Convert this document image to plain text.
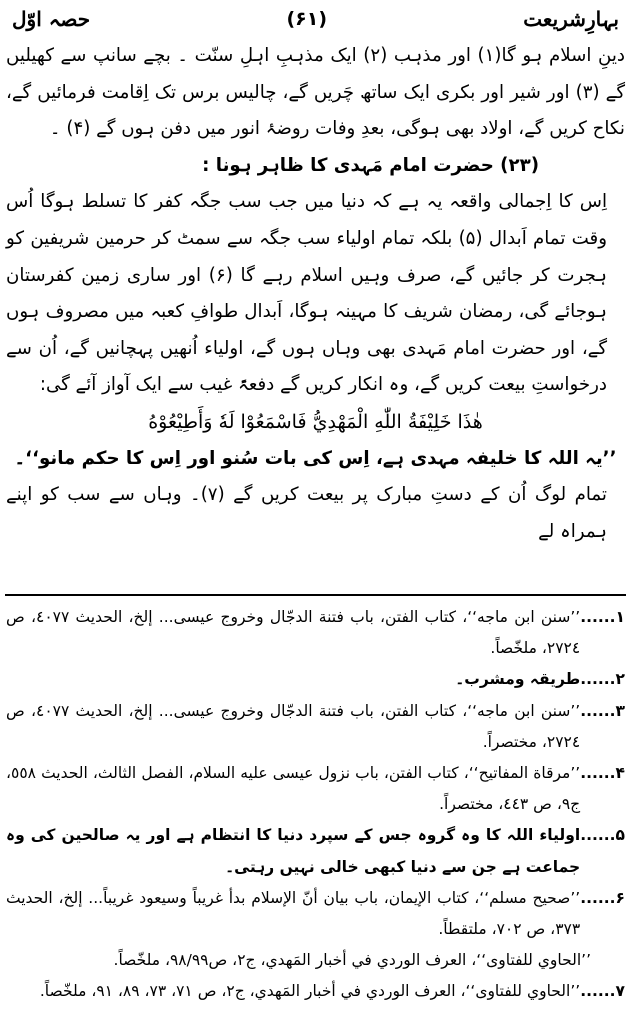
حصہ اوّل	(۶۱)	بہارِشریعت

دینِ اسلام ہو گا(۱) اور مذہب (۲) ایک مذہبِ اہلِ سنّت ۔ بچے سانپ سے کھیلیں گے (۳) اور شیر اور بکری ایک ساتھ چَریں گے، چالیس برس تک اِقامت فرمائیں گے، نکاح کریں گے، اولاد بھی ہوگی، بعدِ وفات روضۂ انور میں دفن ہوں گے (۴) ۔

(۲۳) حضرت امام مَہدی کا ظاہر ہونا :

اِس کا اِجمالی واقعہ یہ ہے کہ دنیا میں جب سب جگہ کفر کا تسلط ہوگا اُس وقت تمام اَبدال (۵) بلکہ تمام اولیاء سب جگہ سے سمٹ کر حرمین شریفین کو ہجرت کر جائیں گے، صرف وہیں اسلام رہے گا (۶) اور ساری زمین کفرستان ہوجائے گی، رمضان شریف کا مہینہ ہوگا، اَبدال طوافِ کعبہ میں مصروف ہوں گے، اور حضرت امام مَہدی بھی وہاں ہوں گے، اولیاء اُنھیں پہچانیں گے، اُن سے درخواستِ بیعت کریں گے، وہ انکار کریں گے دفعۃً غیب سے ایک آواز آئے گی:

هٰذَا خَلِيْفَةُ اللّٰهِ الْمَهْدِيُّ فَاسْمَعُوْا لَهٗ وَأَطِيْعُوْهُ

’’یہ اللہ کا خلیفہ مہدی ہے، اِس کی بات سُنو اور اِس کا حکم مانو‘‘۔

تمام لوگ اُن کے دستِ مبارک پر بیعت کریں گے (۷)۔ وہاں سے سب کو اپنے ہمراہ لے

۱......
’’سنن ابن ماجه‘‘، كتاب الفتن، باب فتنة الدجّال وخروج عيسى... إلخ، الحديث ٤٠٧٧، ص ٢٧٢٤، ملخّصاً.
۲......
طریقہ ومشرب۔
۳......
’’سنن ابن ماجه‘‘، كتاب الفتن، باب فتنة الدجّال وخروج عيسى... إلخ، الحديث ٤٠٧٧، ص ٢٧٢٤، مختصراً.
۴......
’’مرقاة المفاتيح‘‘، كتاب الفتن، باب نزول عيسى عليه السلام، الفصل الثالث، الحديث ٥٥٨، ج٩، ص ٤٤٣، مختصراً.
۵......
اولیاء اللہ کا وہ گروہ جس کے سپرد دنیا کا انتظام ہے اور یہ صالحین کی وہ جماعت ہے جن سے دنیا کبھی خالی نہیں رہتی۔
۶......
’’صحيح مسلم‘‘، كتاب الإيمان، باب بيان أنّ الإسلام بدأ غريباً وسيعود غريباً... إلخ، الحديث ٣٧٣، ص ٧٠٢، ملتقطاً.
’’الحاوي للفتاوى‘‘، العرف الوردي في أخبار المَهدي، ج٢، ص٩٨/٩٩، ملخّصاً.
۷......
’’الحاوي للفتاوى‘‘، العرف الوردي في أخبار المَهدي، ج٢، ص ٧١، ٧٣، ٨٩، ٩١، ملخّصاً.
